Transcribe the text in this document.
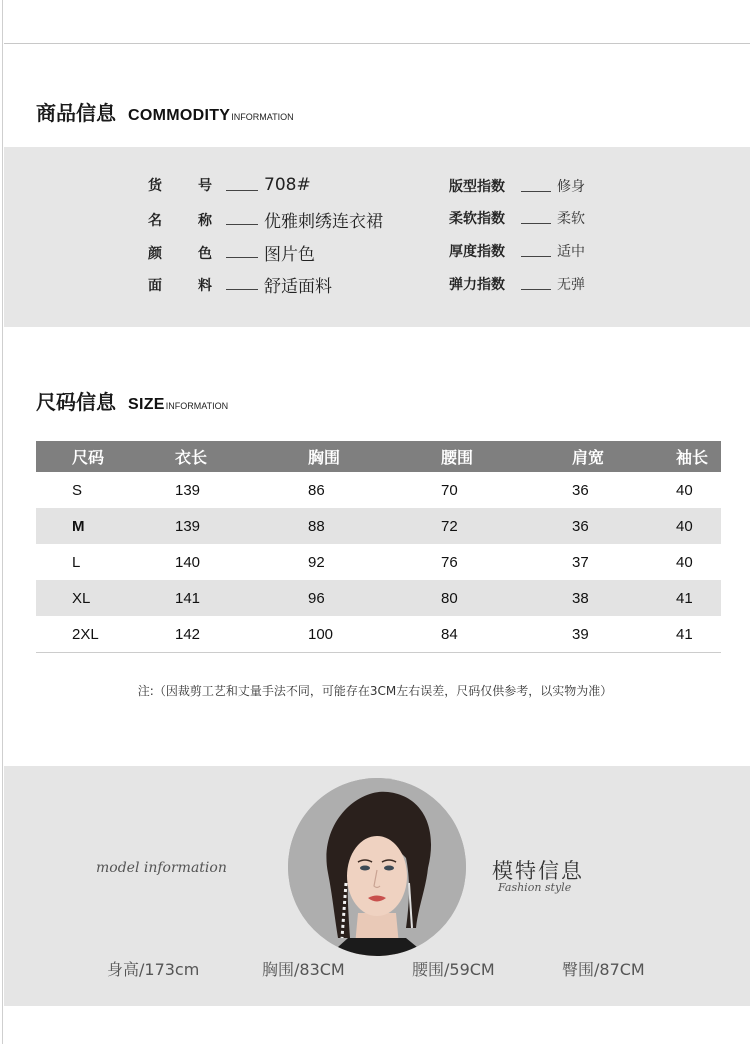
商品信息 COMMODITY INFORMATION
货	号	708#
名	称	优雅刺绣连衣裙
颜	色	图片色
面	料	舒适面料
版型指数	修身
柔软指数	柔软
厚度指数	适中
弹力指数	无弹
尺码信息 SIZE INFORMATION
尺码	衣长	胸围	腰围	肩宽	袖长
S	139	86	70	36	40
M	139	88	72	36	40
L	140	92	76	37	40
XL	141	96	80	38	41
2XL	142	100	84	39	41
注:（因裁剪工艺和丈量手法不同，可能存在3CM左右误差，尺码仅供参考，以实物为准）
model information	模特信息
Fashion style
身高/173cm	胸围/83CM	腰围/59CM	臀围/87CM
